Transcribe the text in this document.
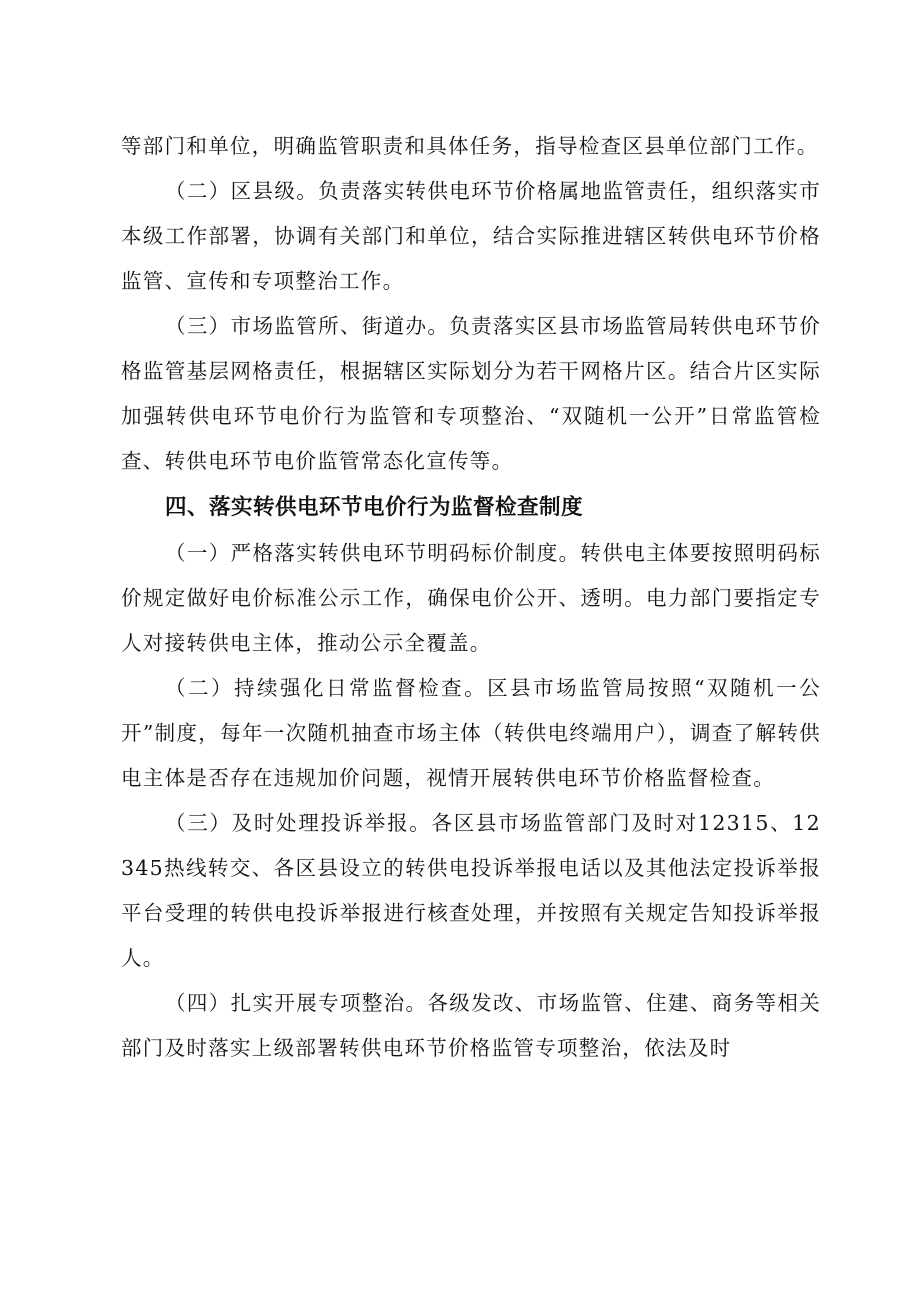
等部门和单位，明确监管职责和具体任务，指导检查区县单位部门工作。

（二）区县级。负责落实转供电环节价格属地监管责任，组织落实市本级工作部署，协调有关部门和单位，结合实际推进辖区转供电环节价格监管、宣传和专项整治工作。

（三）市场监管所、街道办。负责落实区县市场监管局转供电环节价格监管基层网格责任，根据辖区实际划分为若干网格片区。结合片区实际加强转供电环节电价行为监管和专项整治、“双随机一公开”日常监管检查、转供电环节电价监管常态化宣传等。

四、落实转供电环节电价行为监督检查制度

（一）严格落实转供电环节明码标价制度。转供电主体要按照明码标价规定做好电价标准公示工作，确保电价公开、透明。电力部门要指定专人对接转供电主体，推动公示全覆盖。

（二）持续强化日常监督检查。区县市场监管局按照“双随机一公开”制度，每年一次随机抽查市场主体（转供电终端用户），调查了解转供电主体是否存在违规加价问题，视情开展转供电环节价格监督检查。

（三）及时处理投诉举报。各区县市场监管部门及时对12315、12345热线转交、各区县设立的转供电投诉举报电话以及其他法定投诉举报平台受理的转供电投诉举报进行核查处理，并按照有关规定告知投诉举报人。

（四）扎实开展专项整治。各级发改、市场监管、住建、商务等相关部门及时落实上级部署转供电环节价格监管专项整治，依法及时
